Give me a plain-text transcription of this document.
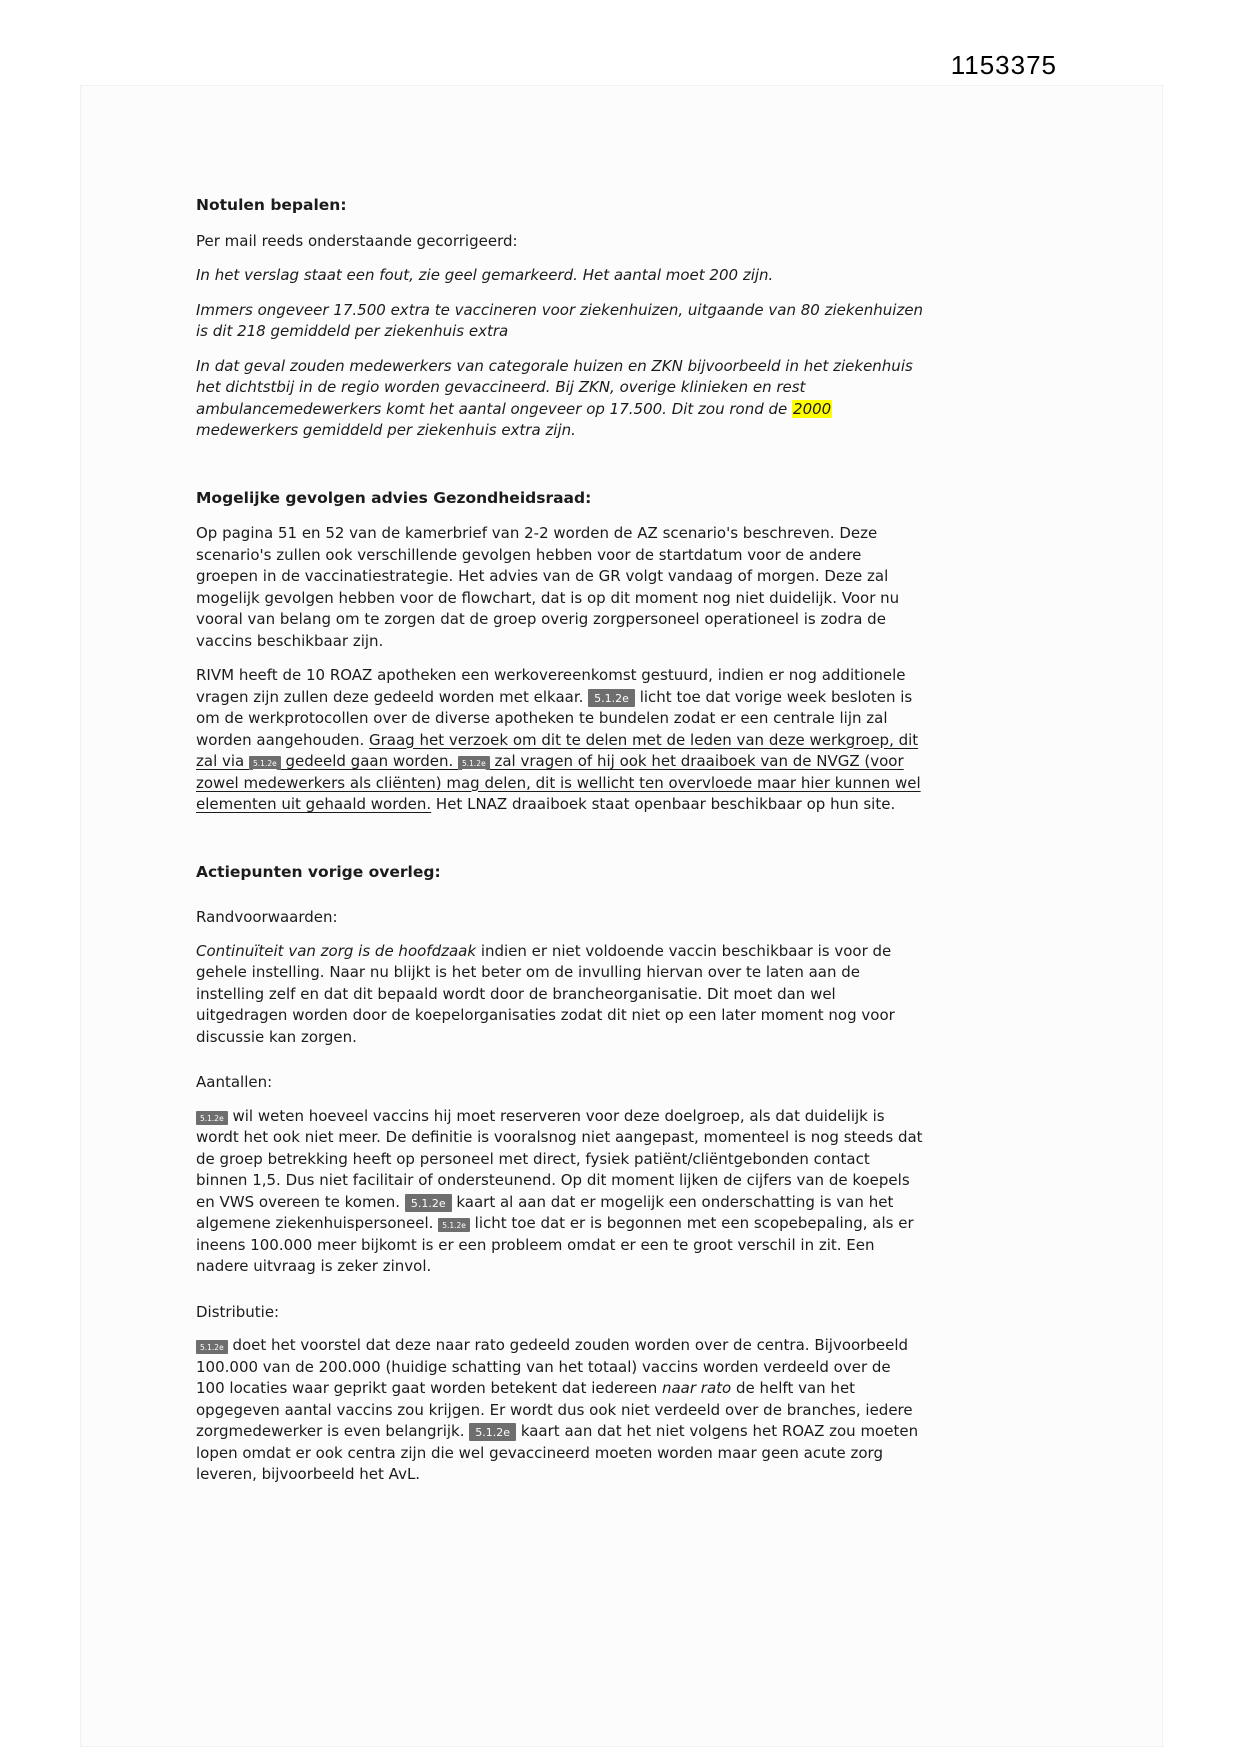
1153375

Notulen bepalen:

Per mail reeds onderstaande gecorrigeerd:

In het verslag staat een fout, zie geel gemarkeerd. Het aantal moet 200 zijn.

Immers ongeveer 17.500 extra te vaccineren voor ziekenhuizen, uitgaande van 80 ziekenhuizen is dit 218 gemiddeld per ziekenhuis extra

In dat geval zouden medewerkers van categorale huizen en ZKN bijvoorbeeld in het ziekenhuis het dichtstbij in de regio worden gevaccineerd. Bij ZKN, overige klinieken en rest ambulancemedewerkers komt het aantal ongeveer op 17.500. Dit zou rond de 2000 medewerkers gemiddeld per ziekenhuis extra zijn.

Mogelijke gevolgen advies Gezondheidsraad:

Op pagina 51 en 52 van de kamerbrief van 2-2 worden de AZ scenario's beschreven. Deze scenario's zullen ook verschillende gevolgen hebben voor de startdatum voor de andere groepen in de vaccinatiestrategie. Het advies van de GR volgt vandaag of morgen. Deze zal mogelijk gevolgen hebben voor de flowchart, dat is op dit moment nog niet duidelijk. Voor nu vooral van belang om te zorgen dat de groep overig zorgpersoneel operationeel is zodra de vaccins beschikbaar zijn.

RIVM heeft de 10 ROAZ apotheken een werkovereenkomst gestuurd, indien er nog additionele vragen zijn zullen deze gedeeld worden met elkaar. 5.1.2e licht toe dat vorige week besloten is om de werkprotocollen over de diverse apotheken te bundelen zodat er een centrale lijn zal worden aangehouden. Graag het verzoek om dit te delen met de leden van deze werkgroep, dit zal via 5.1.2e gedeeld gaan worden. 5.1.2e zal vragen of hij ook het draaiboek van de NVGZ (voor zowel medewerkers als cliënten) mag delen, dit is wellicht ten overvloede maar hier kunnen wel elementen uit gehaald worden. Het LNAZ draaiboek staat openbaar beschikbaar op hun site.

Actiepunten vorige overleg:

Randvoorwaarden:

Continuïteit van zorg is de hoofdzaak indien er niet voldoende vaccin beschikbaar is voor de gehele instelling. Naar nu blijkt is het beter om de invulling hiervan over te laten aan de instelling zelf en dat dit bepaald wordt door de brancheorganisatie. Dit moet dan wel uitgedragen worden door de koepelorganisaties zodat dit niet op een later moment nog voor discussie kan zorgen.

Aantallen:

5.1.2e wil weten hoeveel vaccins hij moet reserveren voor deze doelgroep, als dat duidelijk is wordt het ook niet meer. De definitie is vooralsnog niet aangepast, momenteel is nog steeds dat de groep betrekking heeft op personeel met direct, fysiek patiënt/cliëntgebonden contact binnen 1,5. Dus niet facilitair of ondersteunend. Op dit moment lijken de cijfers van de koepels en VWS overeen te komen. 5.1.2e kaart al aan dat er mogelijk een onderschatting is van het algemene ziekenhuispersoneel. 5.1.2e licht toe dat er is begonnen met een scopebepaling, als er ineens 100.000 meer bijkomt is er een probleem omdat er een te groot verschil in zit. Een nadere uitvraag is zeker zinvol.

Distributie:

5.1.2e doet het voorstel dat deze naar rato gedeeld zouden worden over de centra. Bijvoorbeeld 100.000 van de 200.000 (huidige schatting van het totaal) vaccins worden verdeeld over de 100 locaties waar geprikt gaat worden betekent dat iedereen naar rato de helft van het opgegeven aantal vaccins zou krijgen. Er wordt dus ook niet verdeeld over de branches, iedere zorgmedewerker is even belangrijk. 5.1.2e kaart aan dat het niet volgens het ROAZ zou moeten lopen omdat er ook centra zijn die wel gevaccineerd moeten worden maar geen acute zorg leveren, bijvoorbeeld het AvL.
